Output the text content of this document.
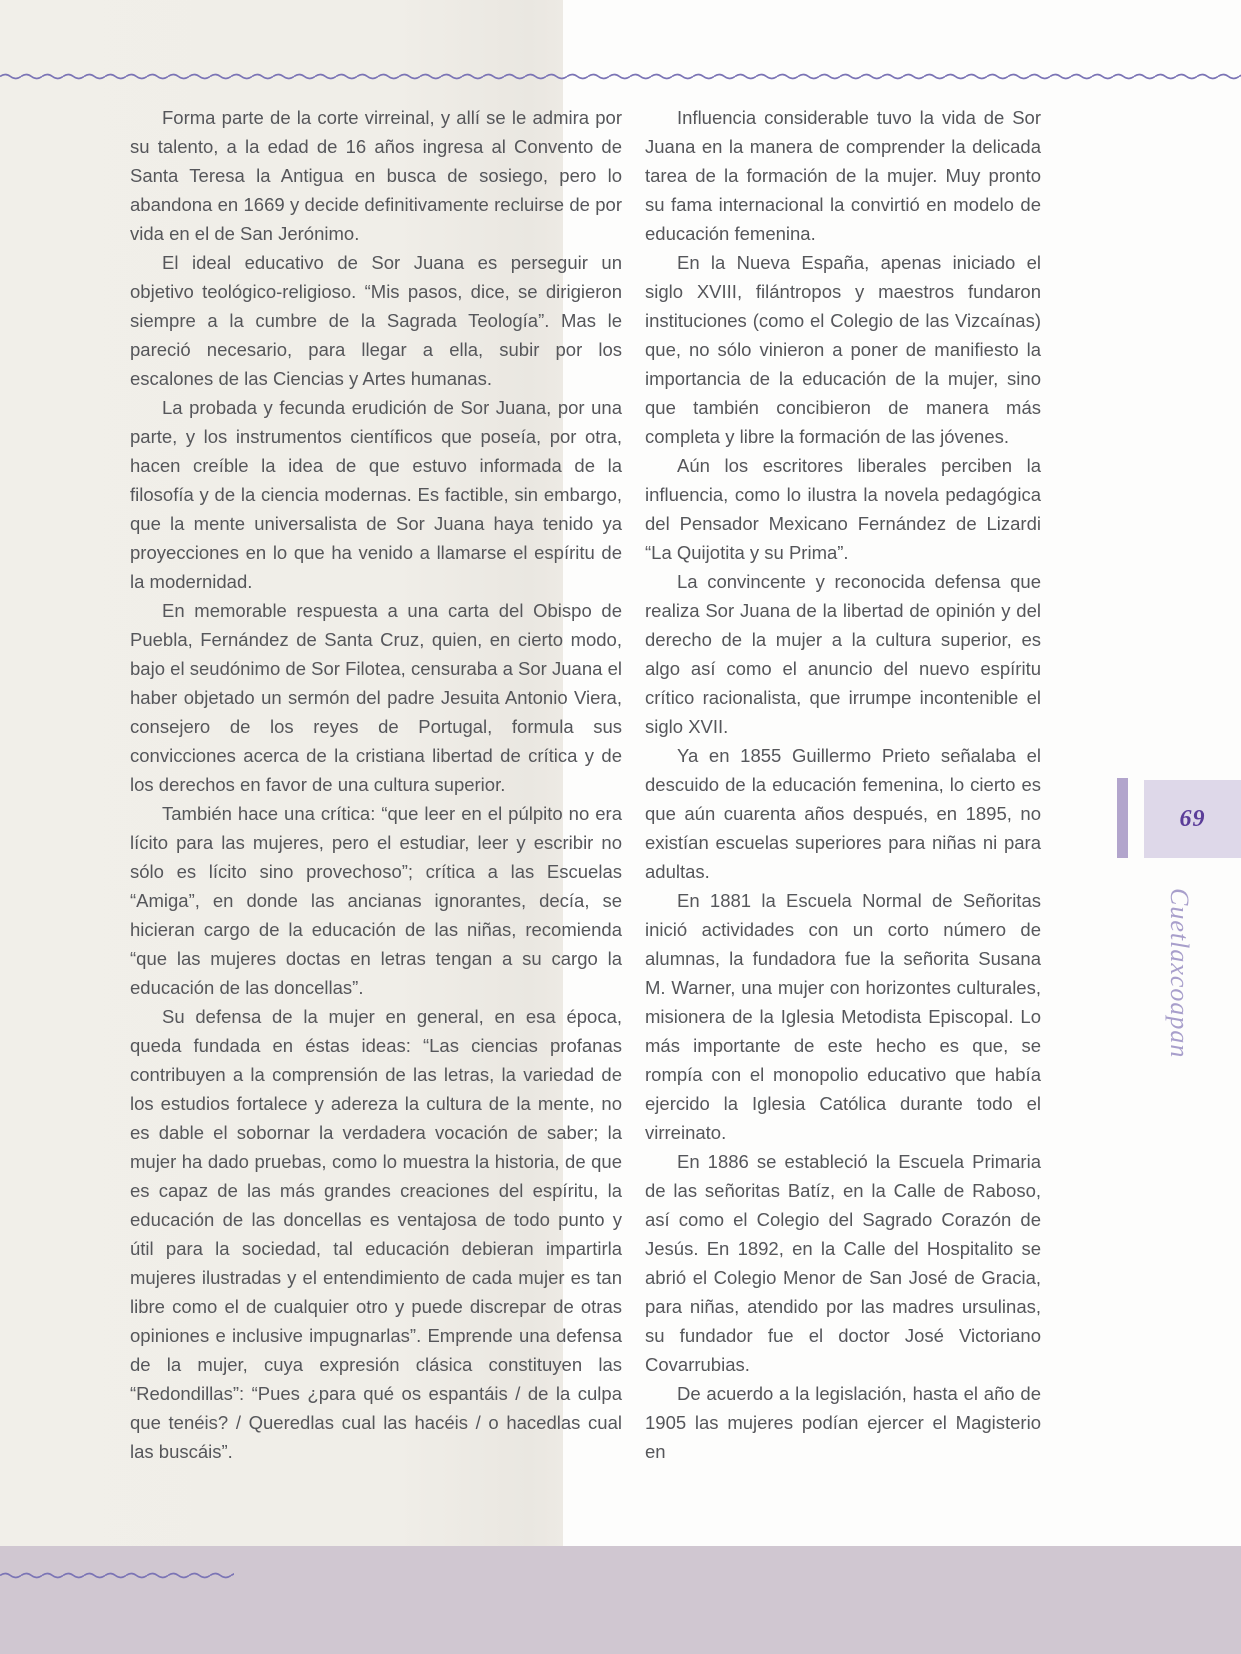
Forma parte de la corte virreinal, y allí se le admira por su talento, a la edad de 16 años ingresa al Convento de Santa Teresa la Antigua en busca de sosiego, pero lo abandona en 1669 y decide definitivamente recluirse de por vida en el de San Jerónimo.

El ideal educativo de Sor Juana es perseguir un objetivo teológico-religioso. “Mis pasos, dice, se dirigieron siempre a la cumbre de la Sagrada Teología”. Mas le pareció necesario, para llegar a ella, subir por los escalones de las Ciencias y Artes humanas.

La probada y fecunda erudición de Sor Juana, por una parte, y los instrumentos científicos que poseía, por otra, hacen creíble la idea de que estuvo informada de la filosofía y de la ciencia modernas. Es factible, sin embargo, que la mente universalista de Sor Juana haya tenido ya proyecciones en lo que ha venido a llamarse el espíritu de la modernidad.

En memorable respuesta a una carta del Obispo de Puebla, Fernández de Santa Cruz, quien, en cierto modo, bajo el seudónimo de Sor Filotea, censuraba a Sor Juana el haber objetado un sermón del padre Jesuita Antonio Viera, consejero de los reyes de Portugal, formula sus convicciones acerca de la cristiana libertad de crítica y de los derechos en favor de una cultura superior.

También hace una crítica: “que leer en el púlpito no era lícito para las mujeres, pero el estudiar, leer y escribir no sólo es lícito sino provechoso”; crítica a las Escuelas “Amiga”, en donde las ancianas ignorantes, decía, se hicieran cargo de la educación de las niñas, recomienda “que las mujeres doctas en letras tengan a su cargo la educación de las doncellas”.

Su defensa de la mujer en general, en esa época, queda fundada en éstas ideas: “Las ciencias profanas contribuyen a la comprensión de las letras, la variedad de los estudios fortalece y adereza la cultura de la mente, no es dable el sobornar la verdadera vocación de saber; la mujer ha dado pruebas, como lo muestra la historia, de que es capaz de las más grandes creaciones del espíritu, la educación de las doncellas es ventajosa de todo punto y útil para la sociedad, tal educación debieran impartirla mujeres ilustradas y el entendimiento de cada mujer es tan libre como el de cualquier otro y puede discrepar de otras opiniones e inclusive impugnarlas”. Emprende una defensa de la mujer, cuya expresión clásica constituyen las “Redondillas”: “Pues ¿para qué os espantáis / de la culpa que tenéis? / Queredlas cual las hacéis / o hacedlas cual las buscáis”.

Influencia considerable tuvo la vida de Sor Juana en la manera de comprender la delicada tarea de la formación de la mujer. Muy pronto su fama internacional la convirtió en modelo de educación femenina.

En la Nueva España, apenas iniciado el siglo XVIII, filántropos y maestros fundaron instituciones (como el Colegio de las Vizcaínas) que, no sólo vinieron a poner de manifiesto la importancia de la educación de la mujer, sino que también concibieron de manera más completa y libre la formación de las jóvenes.

Aún los escritores liberales perciben la influencia, como lo ilustra la novela pedagógica del Pensador Mexicano Fernández de Lizardi “La Quijotita y su Prima”.

La convincente y reconocida defensa que realiza Sor Juana de la libertad de opinión y del derecho de la mujer a la cultura superior, es algo así como el anuncio del nuevo espíritu crítico racionalista, que irrumpe incontenible el siglo XVII.

Ya en 1855 Guillermo Prieto señalaba el descuido de la educación femenina, lo cierto es que aún cuarenta años después, en 1895, no existían escuelas superiores para niñas ni para adultas.

En 1881 la Escuela Normal de Señoritas inició actividades con un corto número de alumnas, la fundadora fue la señorita Susana M. Warner, una mujer con horizontes culturales, misionera de la Iglesia Metodista Episcopal. Lo más importante de este hecho es que, se rompía con el monopolio educativo que había ejercido la Iglesia Católica durante todo el virreinato.

En 1886 se estableció la Escuela Primaria de las señoritas Batíz, en la Calle de Raboso, así como el Colegio del Sagrado Corazón de Jesús. En 1892, en la Calle del Hospitalito se abrió el Colegio Menor de San José de Gracia, para niñas, atendido por las madres ursulinas, su fundador fue el doctor José Victoriano Covarrubias.

De acuerdo a la legislación, hasta el año de 1905 las mujeres podían ejercer el Magisterio en

69
Cuetlaxcoapan
